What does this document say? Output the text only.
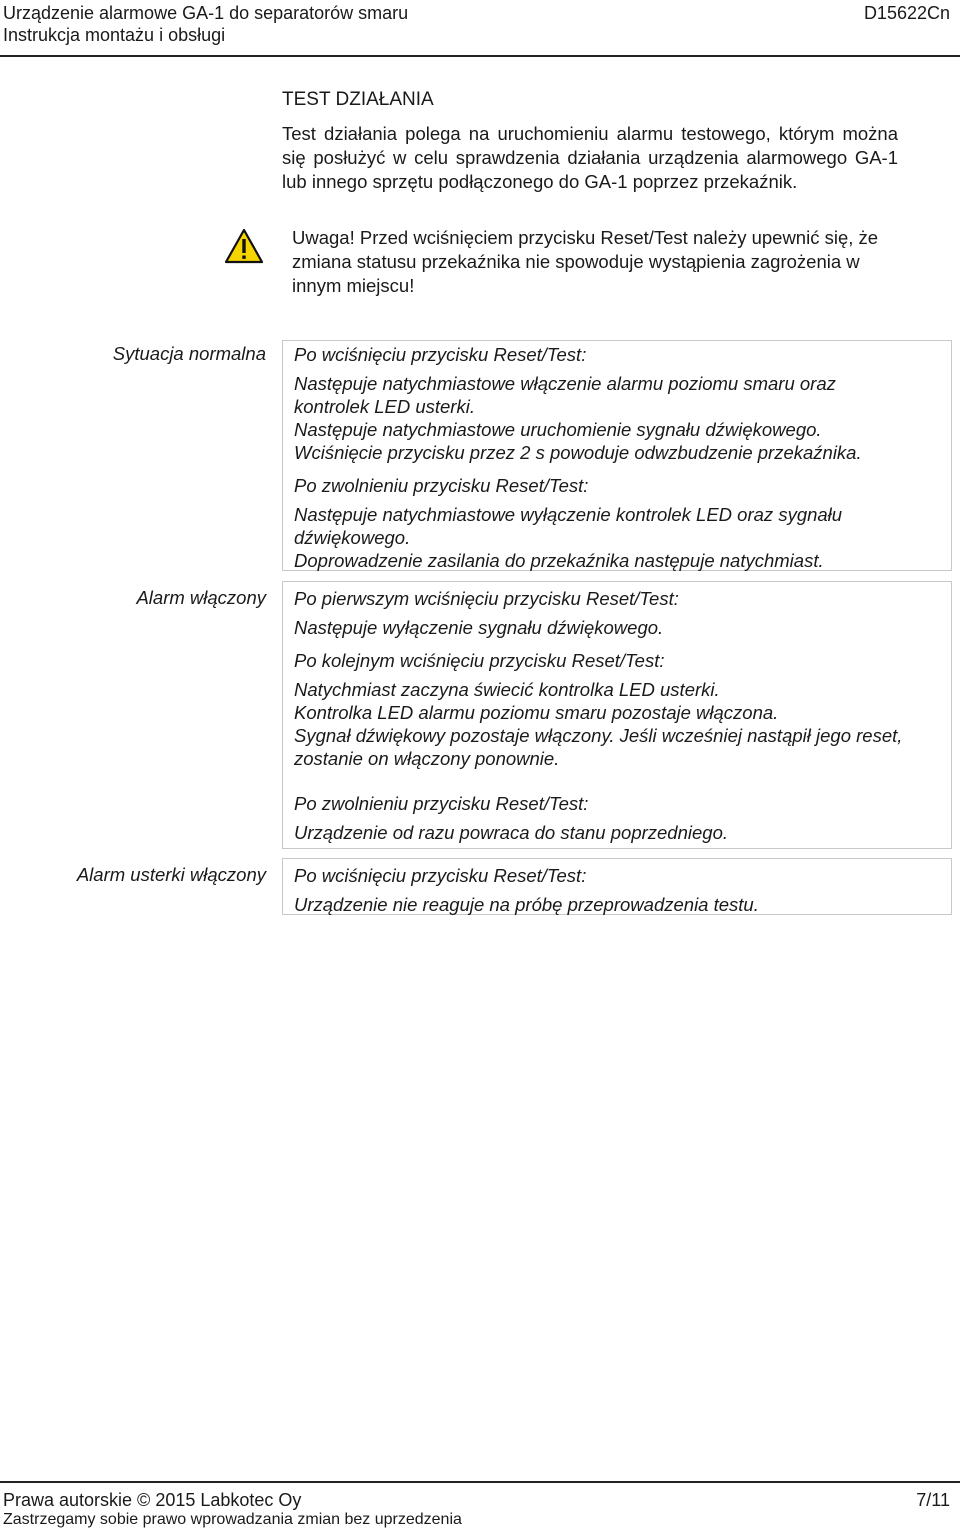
Urządzenie alarmowe GA-1 do separatorów smaru
Instrukcja montażu i obsługi
D15622Cn
TEST DZIAŁANIA
Test działania polega na uruchomieniu alarmu testowego, którym można się posłużyć w celu sprawdzenia działania urządzenia alarmowego GA-1 lub innego sprzętu podłączonego do GA-1 poprzez przekaźnik.
Uwaga! Przed wciśnięciem przycisku Reset/Test należy upewnić się, że zmiana statusu przekaźnika nie spowoduje wystąpienia zagrożenia w innym miejscu!
Sytuacja normalna Po wciśnięciu przycisku Reset/Test:

Następuje natychmiastowe włączenie alarmu poziomu smaru oraz kontrolek LED usterki.

Następuje natychmiastowe uruchomienie sygnału dźwiękowego.

Wciśnięcie przycisku przez 2 s powoduje odwzbudzenie przekaźnika.

Po zwolnieniu przycisku Reset/Test:

Następuje natychmiastowe wyłączenie kontrolek LED oraz sygnału dźwiękowego.

Doprowadzenie zasilania do przekaźnika następuje natychmiast.

Alarm włączony Po pierwszym wciśnięciu przycisku Reset/Test:

Następuje wyłączenie sygnału dźwiękowego.

Po kolejnym wciśnięciu przycisku Reset/Test:

Natychmiast zaczyna świecić kontrolka LED usterki.

Kontrolka LED alarmu poziomu smaru pozostaje włączona.

Sygnał dźwiękowy pozostaje włączony. Jeśli wcześniej nastąpił jego reset, zostanie on włączony ponownie.

Po zwolnieniu przycisku Reset/Test:

Urządzenie od razu powraca do stanu poprzedniego.

Alarm usterki włączony Po wciśnięciu przycisku Reset/Test:

Urządzenie nie reaguje na próbę przeprowadzenia testu.

Prawa autorskie © 2015 Labkotec Oy	7/11
Zastrzegamy sobie prawo wprowadzania zmian bez uprzedzenia
